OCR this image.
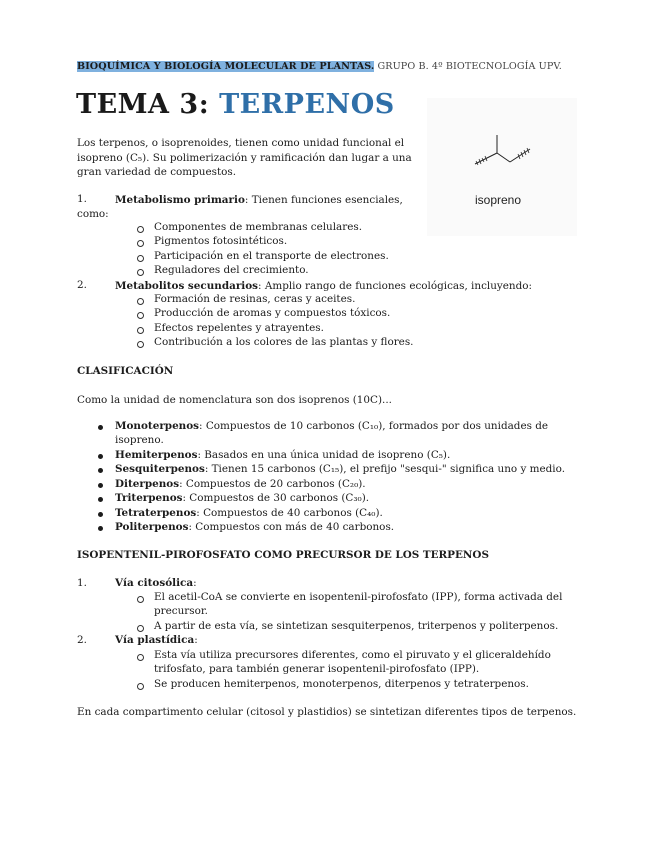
BIOQUÍMICA Y BIOLOGÍA MOLECULAR DE PLANTAS. GRUPO B. 4º BIOTECNOLOGÍA UPV.
TEMA 3: TERPENOS
Los terpenos, o isoprenoides, tienen como unidad funcional el isopreno (C₅). Su polimerización y ramificación dan lugar a una gran variedad de compuestos.
isopreno
1.	Metabolismo primario: Tienen funciones esenciales,
como:
Componentes de membranas celulares.
Pigmentos fotosintéticos.
Participación en el transporte de electrones.
Reguladores del crecimiento.
2.	Metabolitos secundarios: Amplio rango de funciones ecológicas, incluyendo:
Formación de resinas, ceras y aceites.
Producción de aromas y compuestos tóxicos.
Efectos repelentes y atrayentes.
Contribución a los colores de las plantas y flores.
CLASIFICACIÓN
Como la unidad de nomenclatura son dos isoprenos (10C)...
Monoterpenos: Compuestos de 10 carbonos (C₁₀), formados por dos unidades de
isopreno.
Hemiterpenos: Basados en una única unidad de isopreno (C₅).
Sesquiterpenos: Tienen 15 carbonos (C₁₅), el prefijo "sesqui-" significa uno y medio.
Diterpenos: Compuestos de 20 carbonos (C₂₀).
Triterpenos: Compuestos de 30 carbonos (C₃₀).
Tetraterpenos: Compuestos de 40 carbonos (C₄₀).
Politerpenos: Compuestos con más de 40 carbonos.
ISOPENTENIL-PIROFOSFATO COMO PRECURSOR DE LOS TERPENOS
1.	Vía citosólica:
El acetil-CoA se convierte en isopentenil-pirofosfato (IPP), forma activada del
precursor.
A partir de esta vía, se sintetizan sesquiterpenos, triterpenos y politerpenos.
2.	Vía plastídica:
Esta vía utiliza precursores diferentes, como el piruvato y el gliceraldehído
trifosfato, para también generar isopentenil-pirofosfato (IPP).
Se producen hemiterpenos, monoterpenos, diterpenos y tetraterpenos.
En cada compartimento celular (citosol y plastidios) se sintetizan diferentes tipos de terpenos.
